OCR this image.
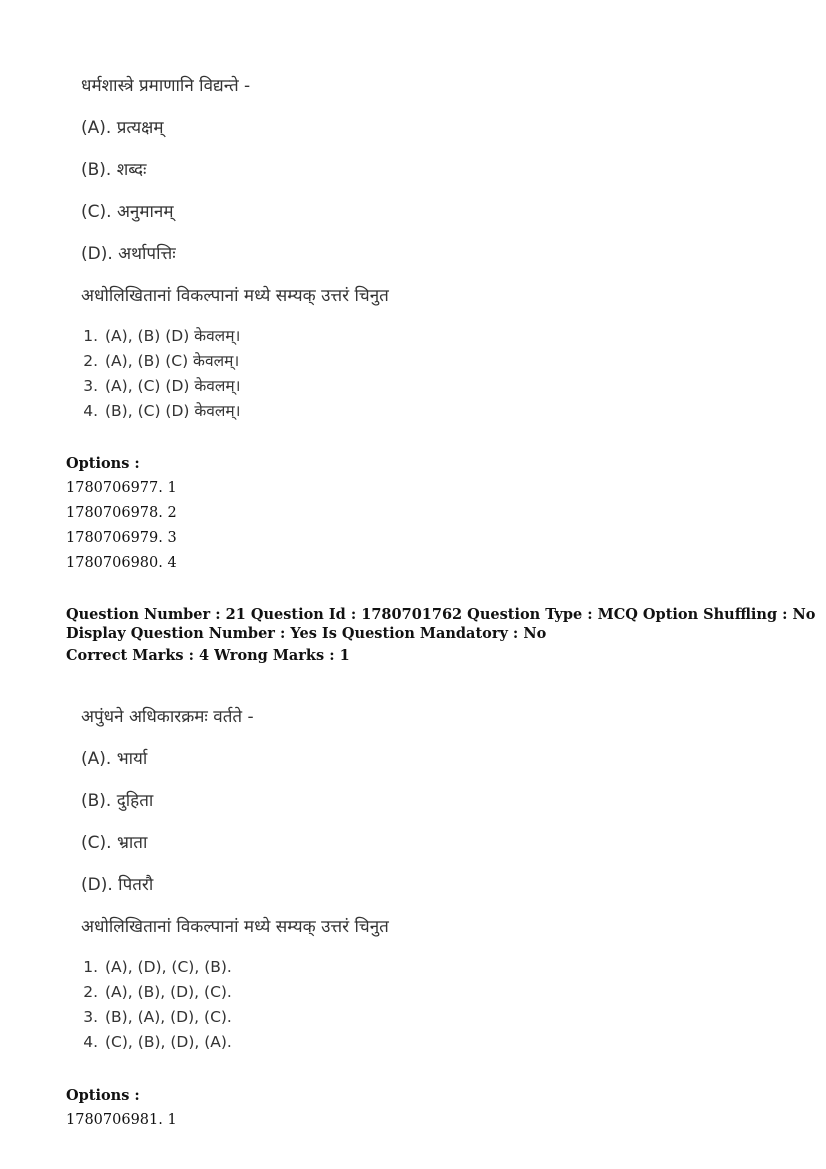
धर्मशास्त्रे प्रमाणानि विद्यन्ते -
(A). प्रत्यक्षम्
(B). शब्दः
(C). अनुमानम्
(D). अर्थापत्तिः
अधोलिखितानां विकल्पानां मध्ये सम्यक् उत्तरं चिनुत
1. (A), (B) (D) केवलम्।
2. (A), (B) (C) केवलम्।
3. (A), (C) (D) केवलम्।
4. (B), (C) (D) केवलम्।
Options :
1780706977. 1
1780706978. 2
1780706979. 3
1780706980. 4
Question Number : 21 Question Id : 1780701762 Question Type : MCQ Option Shuffling : No
Display Question Number : Yes Is Question Mandatory : No
Correct Marks : 4 Wrong Marks : 1
अपुंधने अधिकारक्रमः वर्तते -
(A). भार्या
(B). दुहिता
(C). भ्राता
(D). पितरौ
अधोलिखितानां विकल्पानां मध्ये सम्यक् उत्तरं चिनुत
1. (A), (D), (C), (B).
2. (A), (B), (D), (C).
3. (B), (A), (D), (C).
4. (C), (B), (D), (A).
Options :
1780706981. 1
